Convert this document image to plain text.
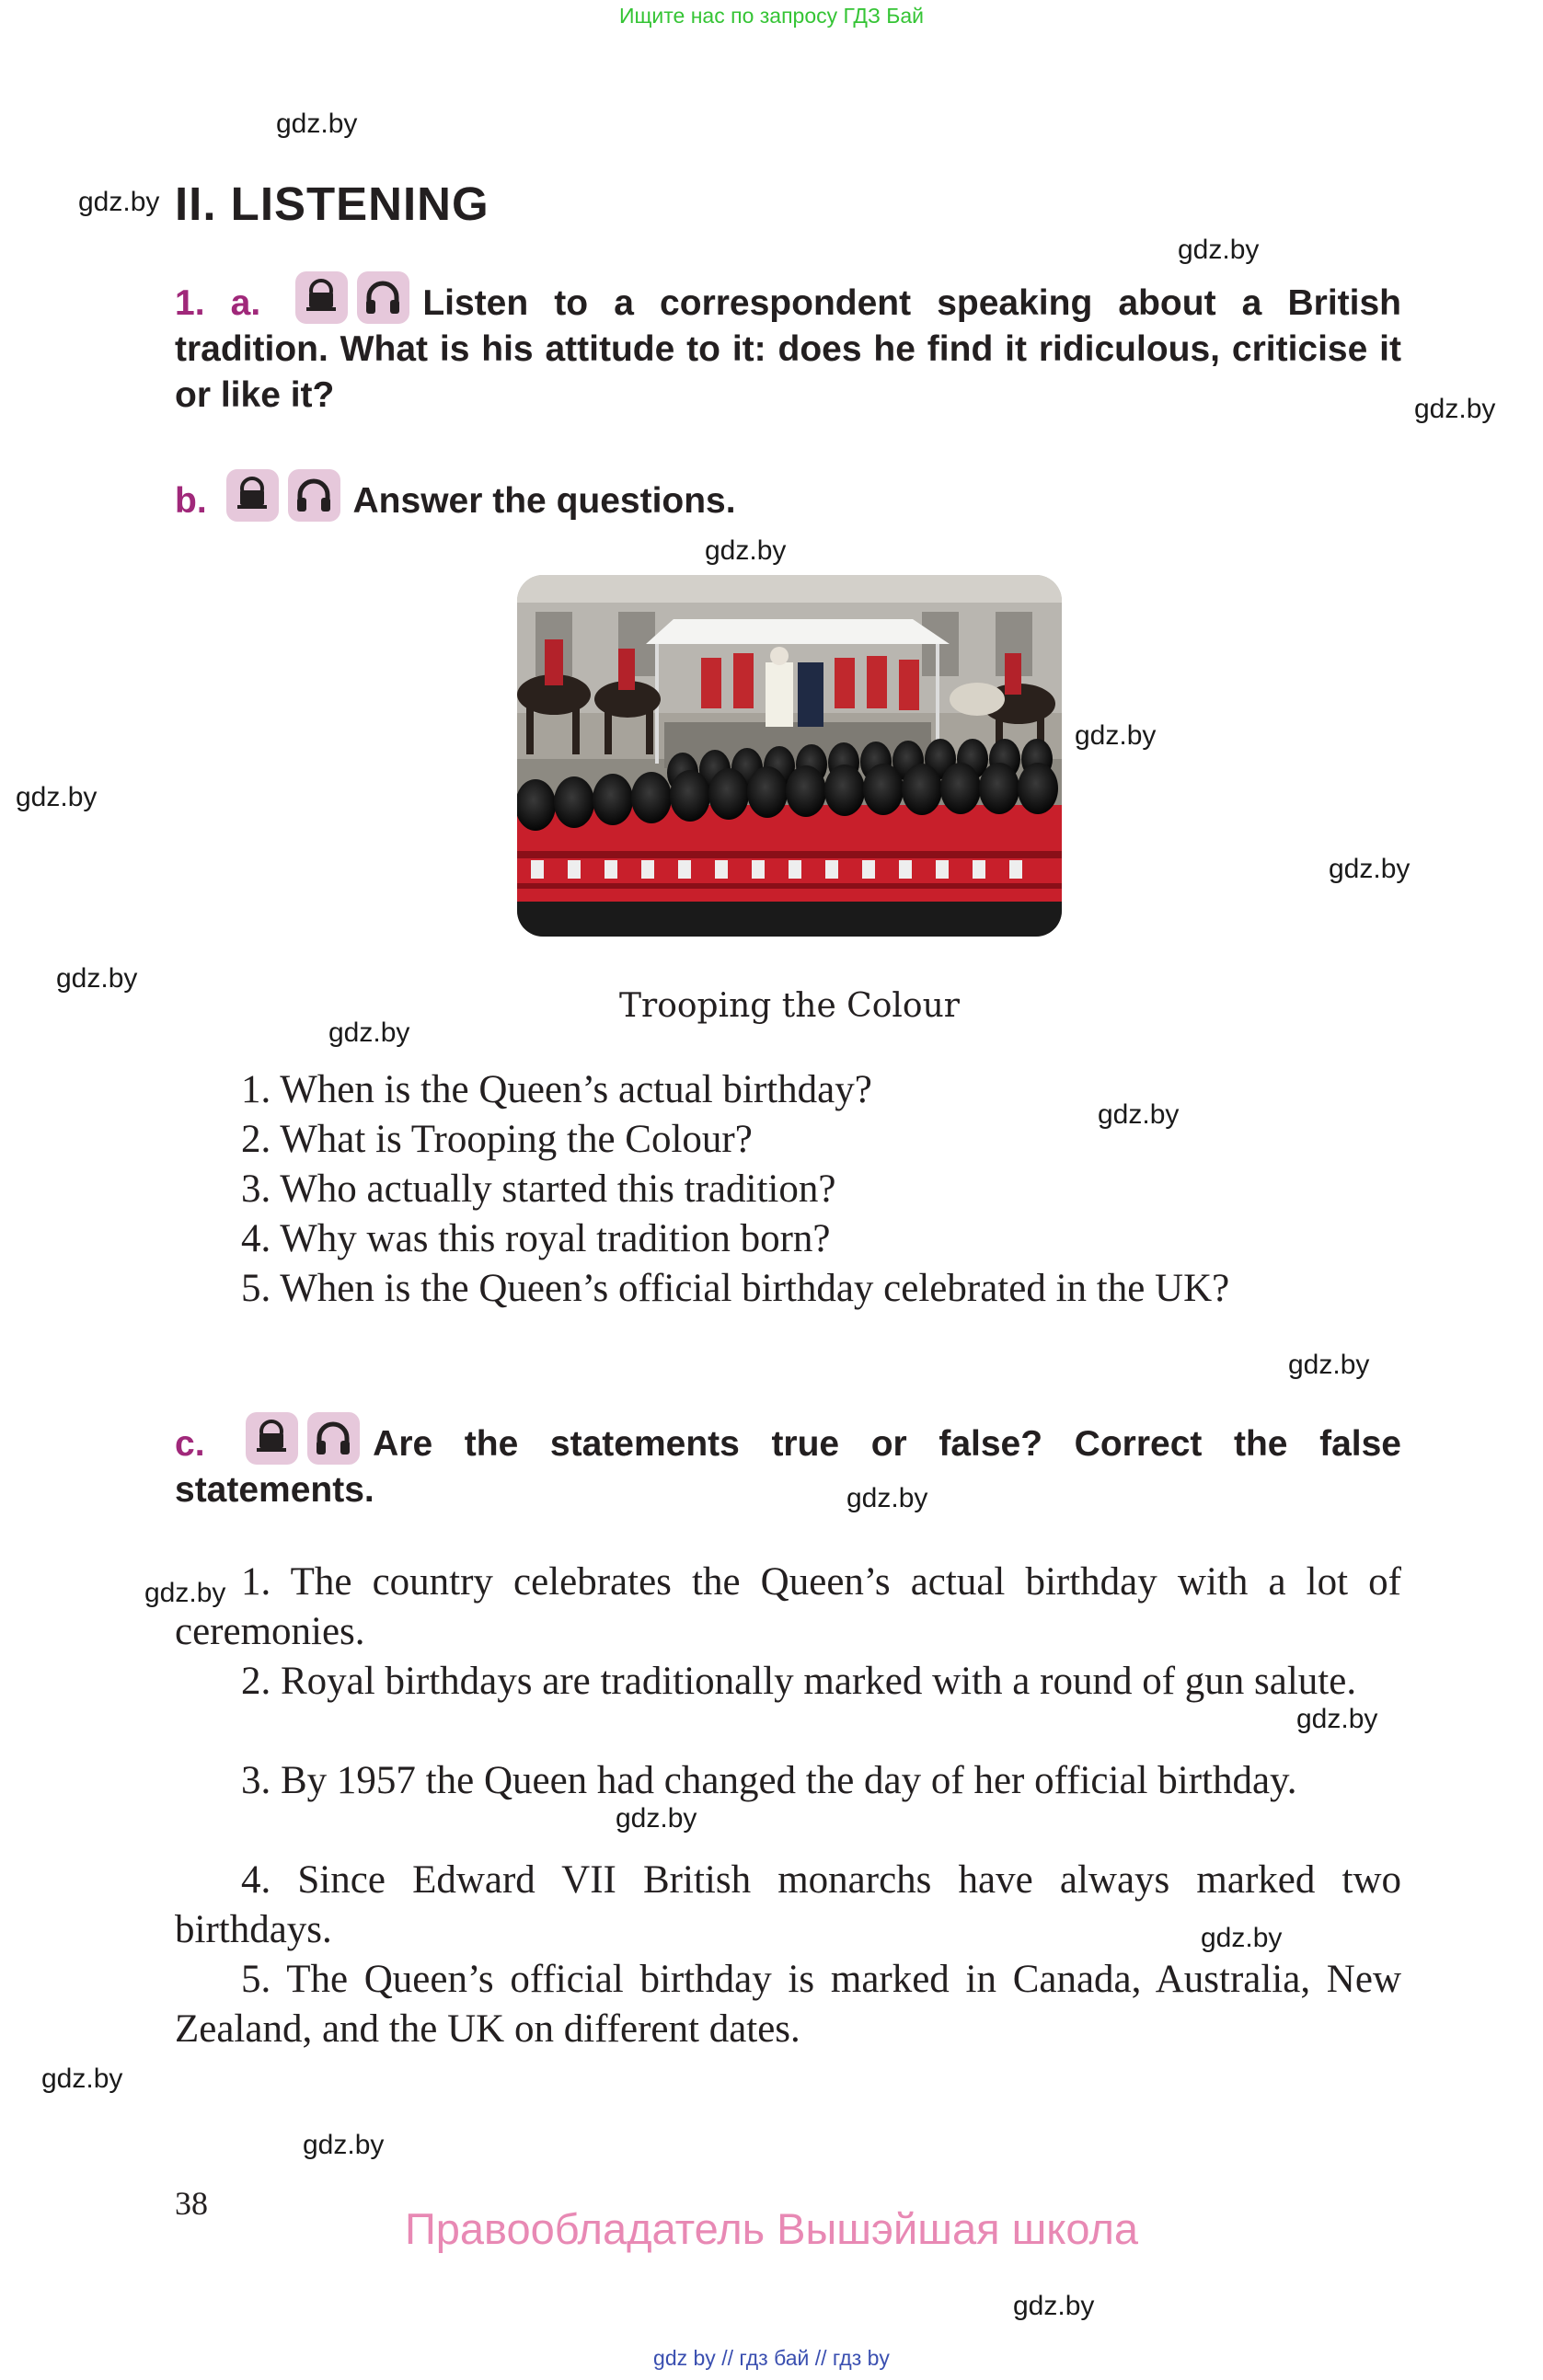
Ищите нас по запросу ГДЗ Бай
gdz.by
gdz.by
gdz.by
gdz.by
gdz.by
gdz.by
gdz.by
gdz.by
gdz.by
gdz.by
gdz.by
gdz.by
gdz.by
gdz.by
gdz.by
gdz.by
gdz.by
gdz.by
gdz.by
gdz.by
II. LISTENING
1. a.	Listen to a correspondent speaking about a British tradition. What is his attitude to it: does he find it ridiculous, criticise it or like it?
b.	Answer the questions.
Trooping the Colour
1. When is the Queen’s actual birthday?
2. What is Trooping the Colour?
3. Who actually started this tradition?
4. Why was this royal tradition born?
5. When is the Queen’s official birthday celebrated in the UK?
c.	Are the statements true or false? Correct the false statements.
1. The country celebrates the Queen’s actual birthday with a lot of ceremonies.
2. Royal birthdays are traditionally marked with a round of gun salute.
3. By 1957 the Queen had changed the day of her official birthday.
4. Since Edward VII British monarchs have always marked two birthdays.
5. The Queen’s official birthday is marked in Canada, Australia, New Zealand, and the UK on different dates.
38
Правообладатель Вышэйшая школа
gdz by // гдз бай // гдз by
